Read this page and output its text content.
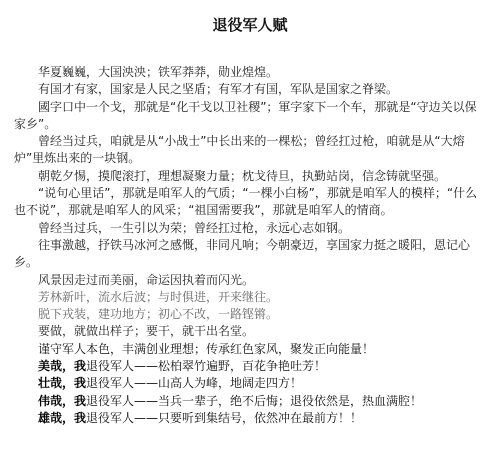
退役军人赋

华夏巍巍，大国泱泱；铁军莽莽，勋业煌煌。

有国才有家，国家是人民之坚盾；有军才有国，军队是国家之脊梁。

國字口中一个戈，那就是“化干戈以卫社稷”；軍字家下一个车，那就是“守边关以保家乡”。

曾经当过兵，咱就是从“小战士”中长出来的一棵松；曾经扛过枪，咱就是从“大熔炉”里炼出来的一块钢。

朝乾夕惕，摸爬滚打，理想凝聚力量；枕戈待旦，执勤站岗，信念铸就坚强。

“说句心里话”，那就是咱军人的气质；“一棵小白杨”，那就是咱军人的模样；“什么也不说”，那就是咱军人的风采；“祖国需要我”，那就是咱军人的情商。

曾经当过兵，一生引以为荣；曾经扛过枪，永远心志如钢。

往事激越，抒铁马冰河之感慨，非同凡响；今朝豪迈，享国家力挺之暖阳，恩记心乡。

风景因走过而美丽，命运因执着而闪光。

芳林新叶，流水后波；与时俱进，开来继往。

脱下戎装，建功地方；初心不改，一路铿锵。

要做，就做出样子；要干，就干出名堂。

谨守军人本色，丰满创业理想；传承红色家风，聚发正向能量！

美哉，我退役军人——松柏翠竹遍野，百花争艳吐芳！

壮哉，我退役军人——山高人为峰，地阔走四方！

伟哉，我退役军人——当兵一辈子，绝不后悔；退役依然是，热血满腔！

雄哉，我退役军人——只要听到集结号，依然冲在最前方！！
